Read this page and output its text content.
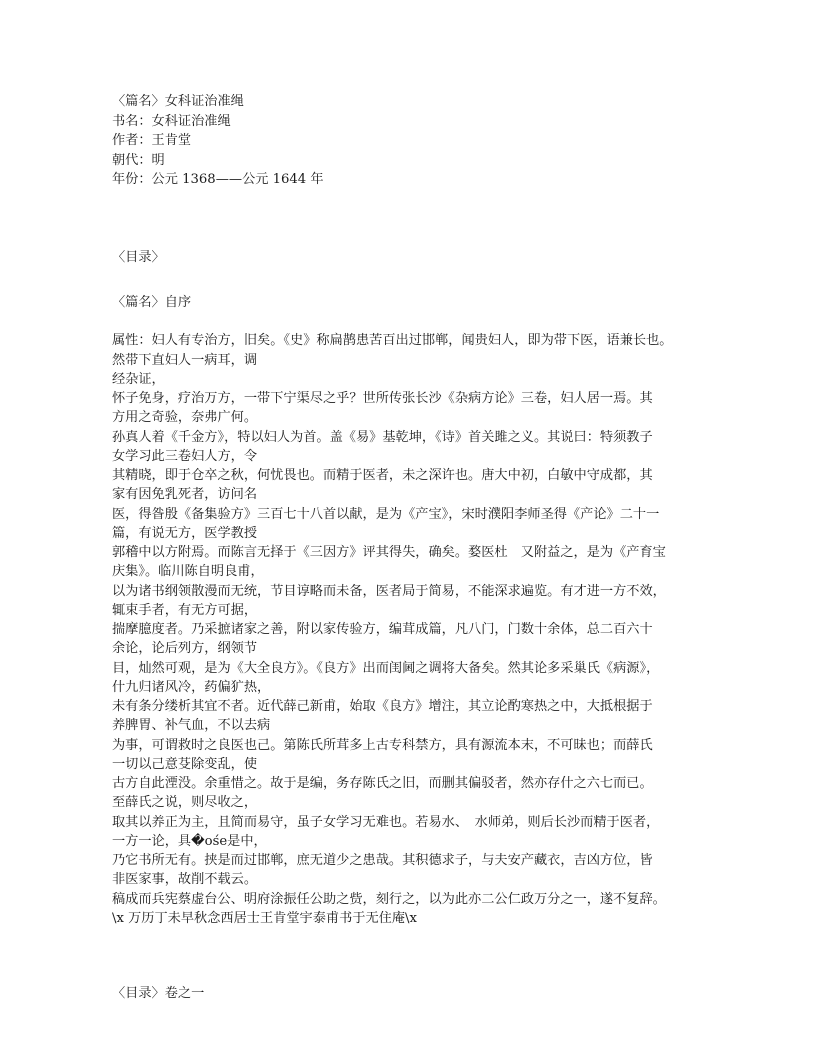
〈篇名〉女科证治准绳
书名：女科证治准绳
作者：王肯堂
朝代：明
年份：公元 1368——公元 1644 年
〈目录〉
〈篇名〉自序
属性：妇人有专治方，旧矣。《史》称扁鹊患苦百出过邯郸，闻贵妇人，即为带下医，语兼长也。
然带下直妇人一病耳，调
经杂证，
怀子免身，疗治万方，一带下宁渠尽之乎？世所传张长沙《杂病方论》三卷，妇人居一焉。其
方用之奇验，奈弗广何。
孙真人着《千金方》，特以妇人为首。盖《易》基乾坤，《诗》首关雎之义。其说曰：特须教子
女学习此三卷妇人方，令
其精晓，即于仓卒之秋，何忧畏也。而精于医者，未之深许也。唐大中初，白敏中守成都，其
家有因免乳死者，访问名
医，得昝殷《备集验方》三百七十八首以献，是为《产宝》，宋时濮阳李师圣得《产论》二十一
篇，有说无方，医学教授
郭稽中以方附焉。而陈言无择于《三因方》评其得失，确矣。婺医杜　又附益之，是为《产育宝
庆集》。临川陈自明良甫，
以为诸书纲领散漫而无统，节目谆略而未备，医者局于简易，不能深求遍览。有才进一方不效，
辄束手者，有无方可据，
揣摩臆度者。乃采摭诸家之善，附以家传验方，编茸成篇，凡八门，门数十余体，总二百六十
余论，论后列方，纲领节
目，灿然可观，是为《大全良方》。《良方》出而闺阃之调将大备矣。然其论多采巢氏《病源》，
什九归诸风冷，药偏犷热，
未有条分缕析其宜不者。近代薛己新甫，始取《良方》增注，其立论酌寒热之中，大抵根据于
养脾胃、补气血，不以去病
为事，可谓救时之良医也己。第陈氏所茸多上古专科禁方，具有源流本末，不可昧也；而薛氏
一切以己意芟除变乱，使
古方自此湮没。余重惜之。故于是编，务存陈氏之旧，而删其偏驳者，然亦存什之六七而已。
至薛氏之说，则尽收之，
取其以养正为主，且简而易守，虽子女学习无难也。若易水、　水师弟，则后长沙而精于医者，
一方一论，具�ośe是中，
乃它书所无有。挟是而过邯郸，庶无道少之患哉。其积德求子，与夫安产藏衣，吉凶方位，皆
非医家事，故削不载云。
稿成而兵宪蔡虚台公、明府涂振任公助之赀，刻行之，以为此亦二公仁政万分之一，遂不复辞。
\x 万历丁未早秋念西居士王肯堂宇泰甫书于无住庵\x
〈目录〉卷之一
